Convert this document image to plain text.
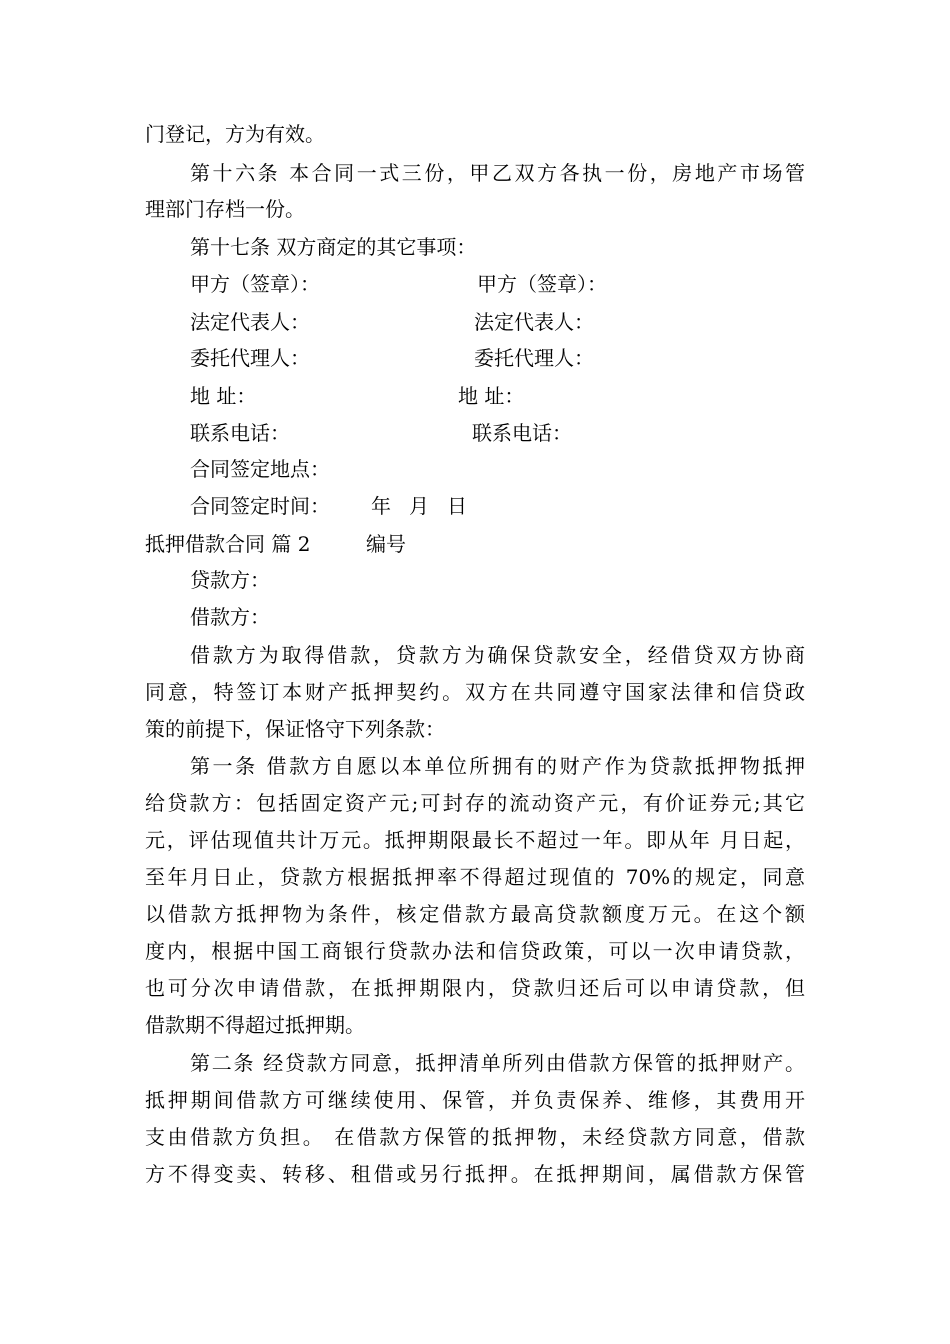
门登记，方为有效。
第十六条 本合同一式三份，甲乙双方各执一份，房地产市场管
理部门存档一份。
第十七条 双方商定的其它事项：
甲方（签章）：	甲方（签章）：
法定代表人：	法定代表人：
委托代理人：	委托代理人：
地 址：	地 址：
联系电话：	联系电话：
合同签定地点：
合同签定时间： 年 月 日
抵押借款合同 篇 2	编号
贷款方：
借款方：
借款方为取得借款，贷款方为确保贷款安全，经借贷双方协商
同意，特签订本财产抵押契约。双方在共同遵守国家法律和信贷政
策的前提下，保证恪守下列条款：
第一条 借款方自愿以本单位所拥有的财产作为贷款抵押物抵押
给贷款方：包括固定资产元;可封存的流动资产元，有价证券元;其它
元，评估现值共计万元。抵押期限最长不超过一年。即从年 月日起，
至年月日止，贷款方根据抵押率不得超过现值的 70%的规定，同意
以借款方抵押物为条件，核定借款方最高贷款额度万元。在这个额
度内，根据中国工商银行贷款办法和信贷政策，可以一次申请贷款，
也可分次申请借款，在抵押期限内，贷款归还后可以申请贷款，但
借款期不得超过抵押期。
第二条 经贷款方同意，抵押清单所列由借款方保管的抵押财产。
抵押期间借款方可继续使用、保管，并负责保养、维修，其费用开
支由借款方负担。 在借款方保管的抵押物，未经贷款方同意，借款
方不得变卖、转移、租借或另行抵押。在抵押期间，属借款方保管
